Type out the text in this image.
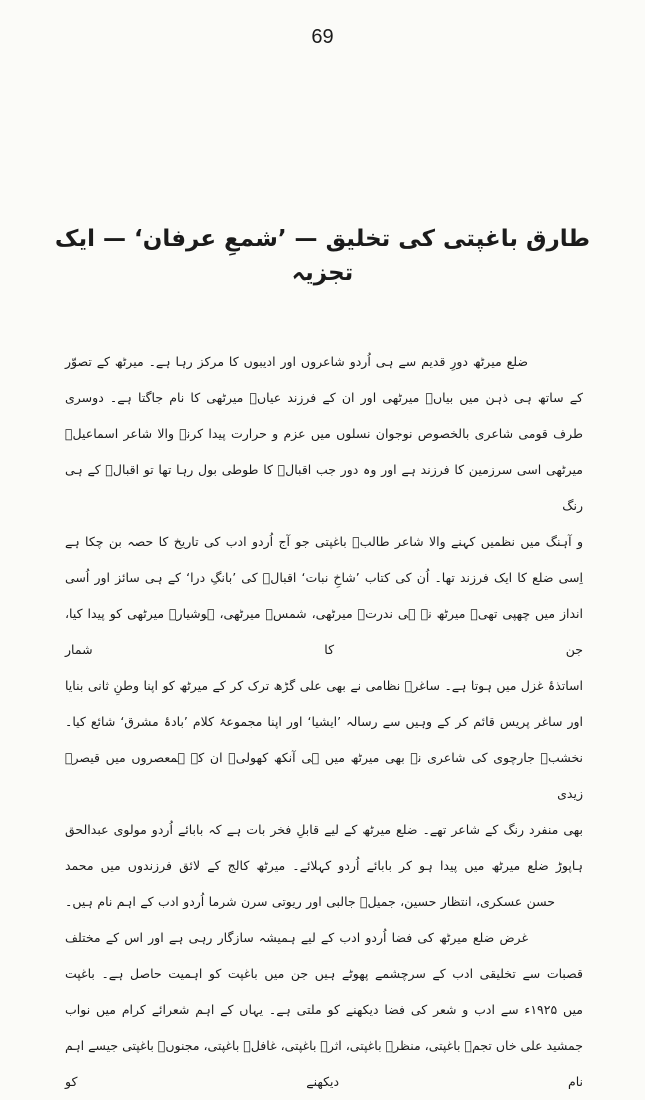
69
طارق باغپتی کی تخلیق — ’شمعِ عرفان‘ — ایک تجزیہ
ضلع میرٹھ دورِ قدیم سے ہی اُردو شاعروں اور ادیبوں کا مرکز رہا ہے۔ میرٹھ کے تصوّر
کے ساتھ ہی ذہن میں بیاںؔ میرٹھی اور ان کے فرزند عیاںؔ میرٹھی کا نام جاگتا ہے۔ دوسری
طرف قومی شاعری بالخصوص نوجوان نسلوں میں عزم و حرارت پیدا کرنے والا شاعر اسماعیلؔ
میرٹھی اسی سرزمین کا فرزند ہے اور وہ دور جب اقبالؔ کا طوطی بول رہا تھا تو اقبالؔ کے ہی رنگ
و آہنگ میں نظمیں کہنے والا شاعر طالبؔ باغپتی جو آج اُردو ادب کی تاریخ کا حصہ بن چکا ہے
اِسی ضلع کا ایک فرزند تھا۔ اُن کی کتاب ’شاخِ نبات‘ اقبالؔ کی ’بانگِ درا‘ کے ہی سائز اور اُسی
انداز میں چھپی تھی۔ میرٹھ نے ہی ندرتؔ میرٹھی، شمسؔ میرٹھی، ہوشیارؔ میرٹھی کو پیدا کیا، جن کا شمار
اساتذۂ غزل میں ہوتا ہے۔ ساغرؔ نظامی نے بھی علی گڑھ ترک کر کے میرٹھ کو اپنا وطنِ ثانی بنایا
اور ساغر پریس قائم کر کے وہیں سے رسالہ ’ایشیا‘ اور اپنا مجموعۂ کلام ’بادۂ مشرق‘ شائع کیا۔
نخشبؔ جارچوی کی شاعری نے بھی میرٹھ میں ہی آنکھ کھولی۔ ان کے ہمعصروں میں قیصرؔ زیدی
بھی منفرد رنگ کے شاعر تھے۔ ضلع میرٹھ کے لیے قابلِ فخر بات ہے کہ بابائے اُردو مولوی عبدالحق
ہاپوڑ ضلع میرٹھ میں پیدا ہو کر بابائے اُردو کہلائے۔ میرٹھ کالج کے لائق فرزندوں میں محمد
حسن عسکری، انتظار حسین، جمیلؔ جالبی اور ریوتی سرن شرما اُردو ادب کے اہم نام ہیں۔
غرض ضلع میرٹھ کی فضا اُردو ادب کے لیے ہمیشہ سازگار رہی ہے اور اس کے مختلف
قصبات سے تخلیقی ادب کے سرچشمے پھوٹے ہیں جن میں باغپت کو اہمیت حاصل ہے۔ باغپت
میں ۱۹۲۵ء سے ادب و شعر کی فضا دیکھنے کو ملتی ہے۔ یہاں کے اہم شعرائے کرام میں نواب
جمشید علی خاں تجمؔ باغپتی، منظرؔ باغپتی، اثرؔ باغپتی، غافلؔ باغپتی، مجنوںؔ باغپتی جیسے اہم نام دیکھنے کو
